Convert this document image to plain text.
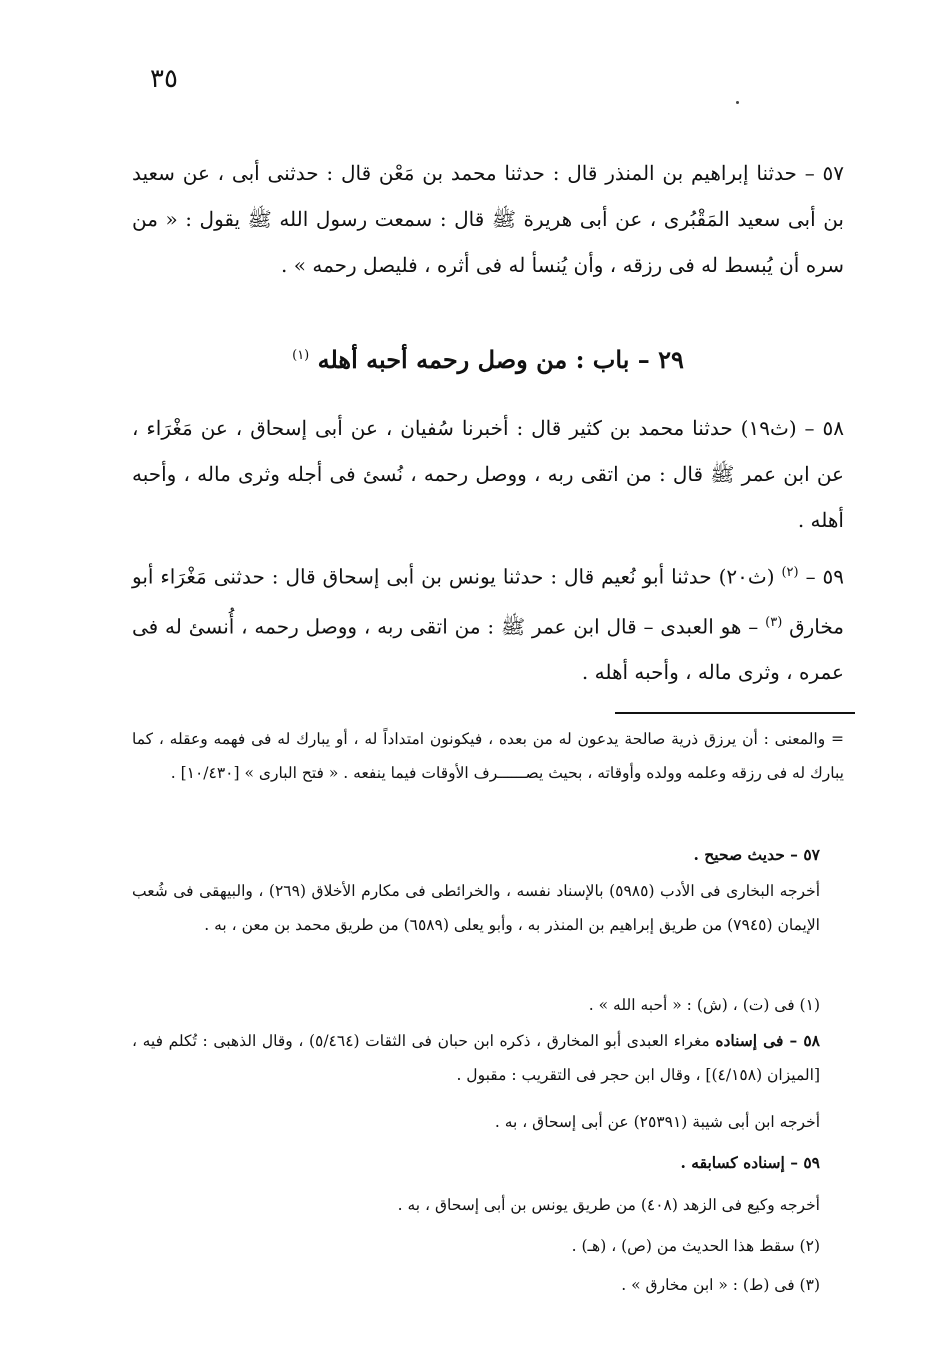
٣٥

٥٧ – حدثنا إبراهيم بن المنذر قال : حدثنا محمد بن مَعْن قال : حدثنى أبى ، عن سعيد بن أبى سعيد المَقْبُرى ، عن أبى هريرة ﷺ قال : سمعت رسول الله ﷺ يقول : « من سره أن يُبسط له فى رزقه ، وأن يُنسأ له فى أثره ، فليصل رحمه » .

٢٩ – باب : من وصل رحمه أحبه أهله $^{(١)}$

٥٨ – (ث١٩) حدثنا محمد بن كثير قال : أخبرنا سُفيان ، عن أبى إسحاق ، عن مَغْرَاء ، عن ابن عمر ﷺ قال : من اتقى ربه ، ووصل رحمه ، نُسئ فى أجله وثرى ماله ، وأحبه أهله .

٥٩ – $^{(٢)}$ (ث٢٠) حدثنا أبو نُعيم قال : حدثنا يونس بن أبى إسحاق قال : حدثنى مَغْرَاء أبو مخارق $^{(٣)}$ – هو العبدى – قال ابن عمر ﷺ : من اتقى ربه ، ووصل رحمه ، أُنسئ له فى عمره ، وثرى ماله ، وأحبه أهله .

= والمعنى : أن يرزق ذرية صالحة يدعون له من بعده ، فيكونون امتداداً له ، أو يبارك له فى فهمه وعقله ، كما يبارك له فى رزقه وعلمه وولده وأوقاته ، بحيث يصــــــرف الأوقات فيما ينفعه . « فتح البارى » [١٠/٤٣٠] .
٥٧ – حديث صحيح .
أخرجه البخارى فى الأدب (٥٩٨٥) بالإسناد نفسه ، والخرائطى فى مكارم الأخلاق (٢٦٩) ، والبيهقى فى شُعب الإيمان (٧٩٤٥) من طريق إبراهيم بن المنذر به ، وأبو يعلى (٦٥٨٩) من طريق محمد بن معن ، به .
(١) فى (ت) ، (ش) : « أحبه الله » .
٥٨ – فى إسناده مغراء العبدى أبو المخارق ، ذكره ابن حبان فى الثقات (٥/٤٦٤) ، وقال الذهبى : تُكلم فيه ، [الميزان (٤/١٥٨)] ، وقال ابن حجر فى التقريب : مقبول .
أخرجه ابن أبى شيبة (٢٥٣٩١) عن أبى إسحاق ، به .
٥٩ – إسناده كسابقه .
أخرجه وكيع فى الزهد (٤٠٨) من طريق يونس بن أبى إسحاق ، به .
(٢) سقط هذا الحديث من (ص) ، (هـ) .
(٣) فى (ط) : « ابن مخارق » .
